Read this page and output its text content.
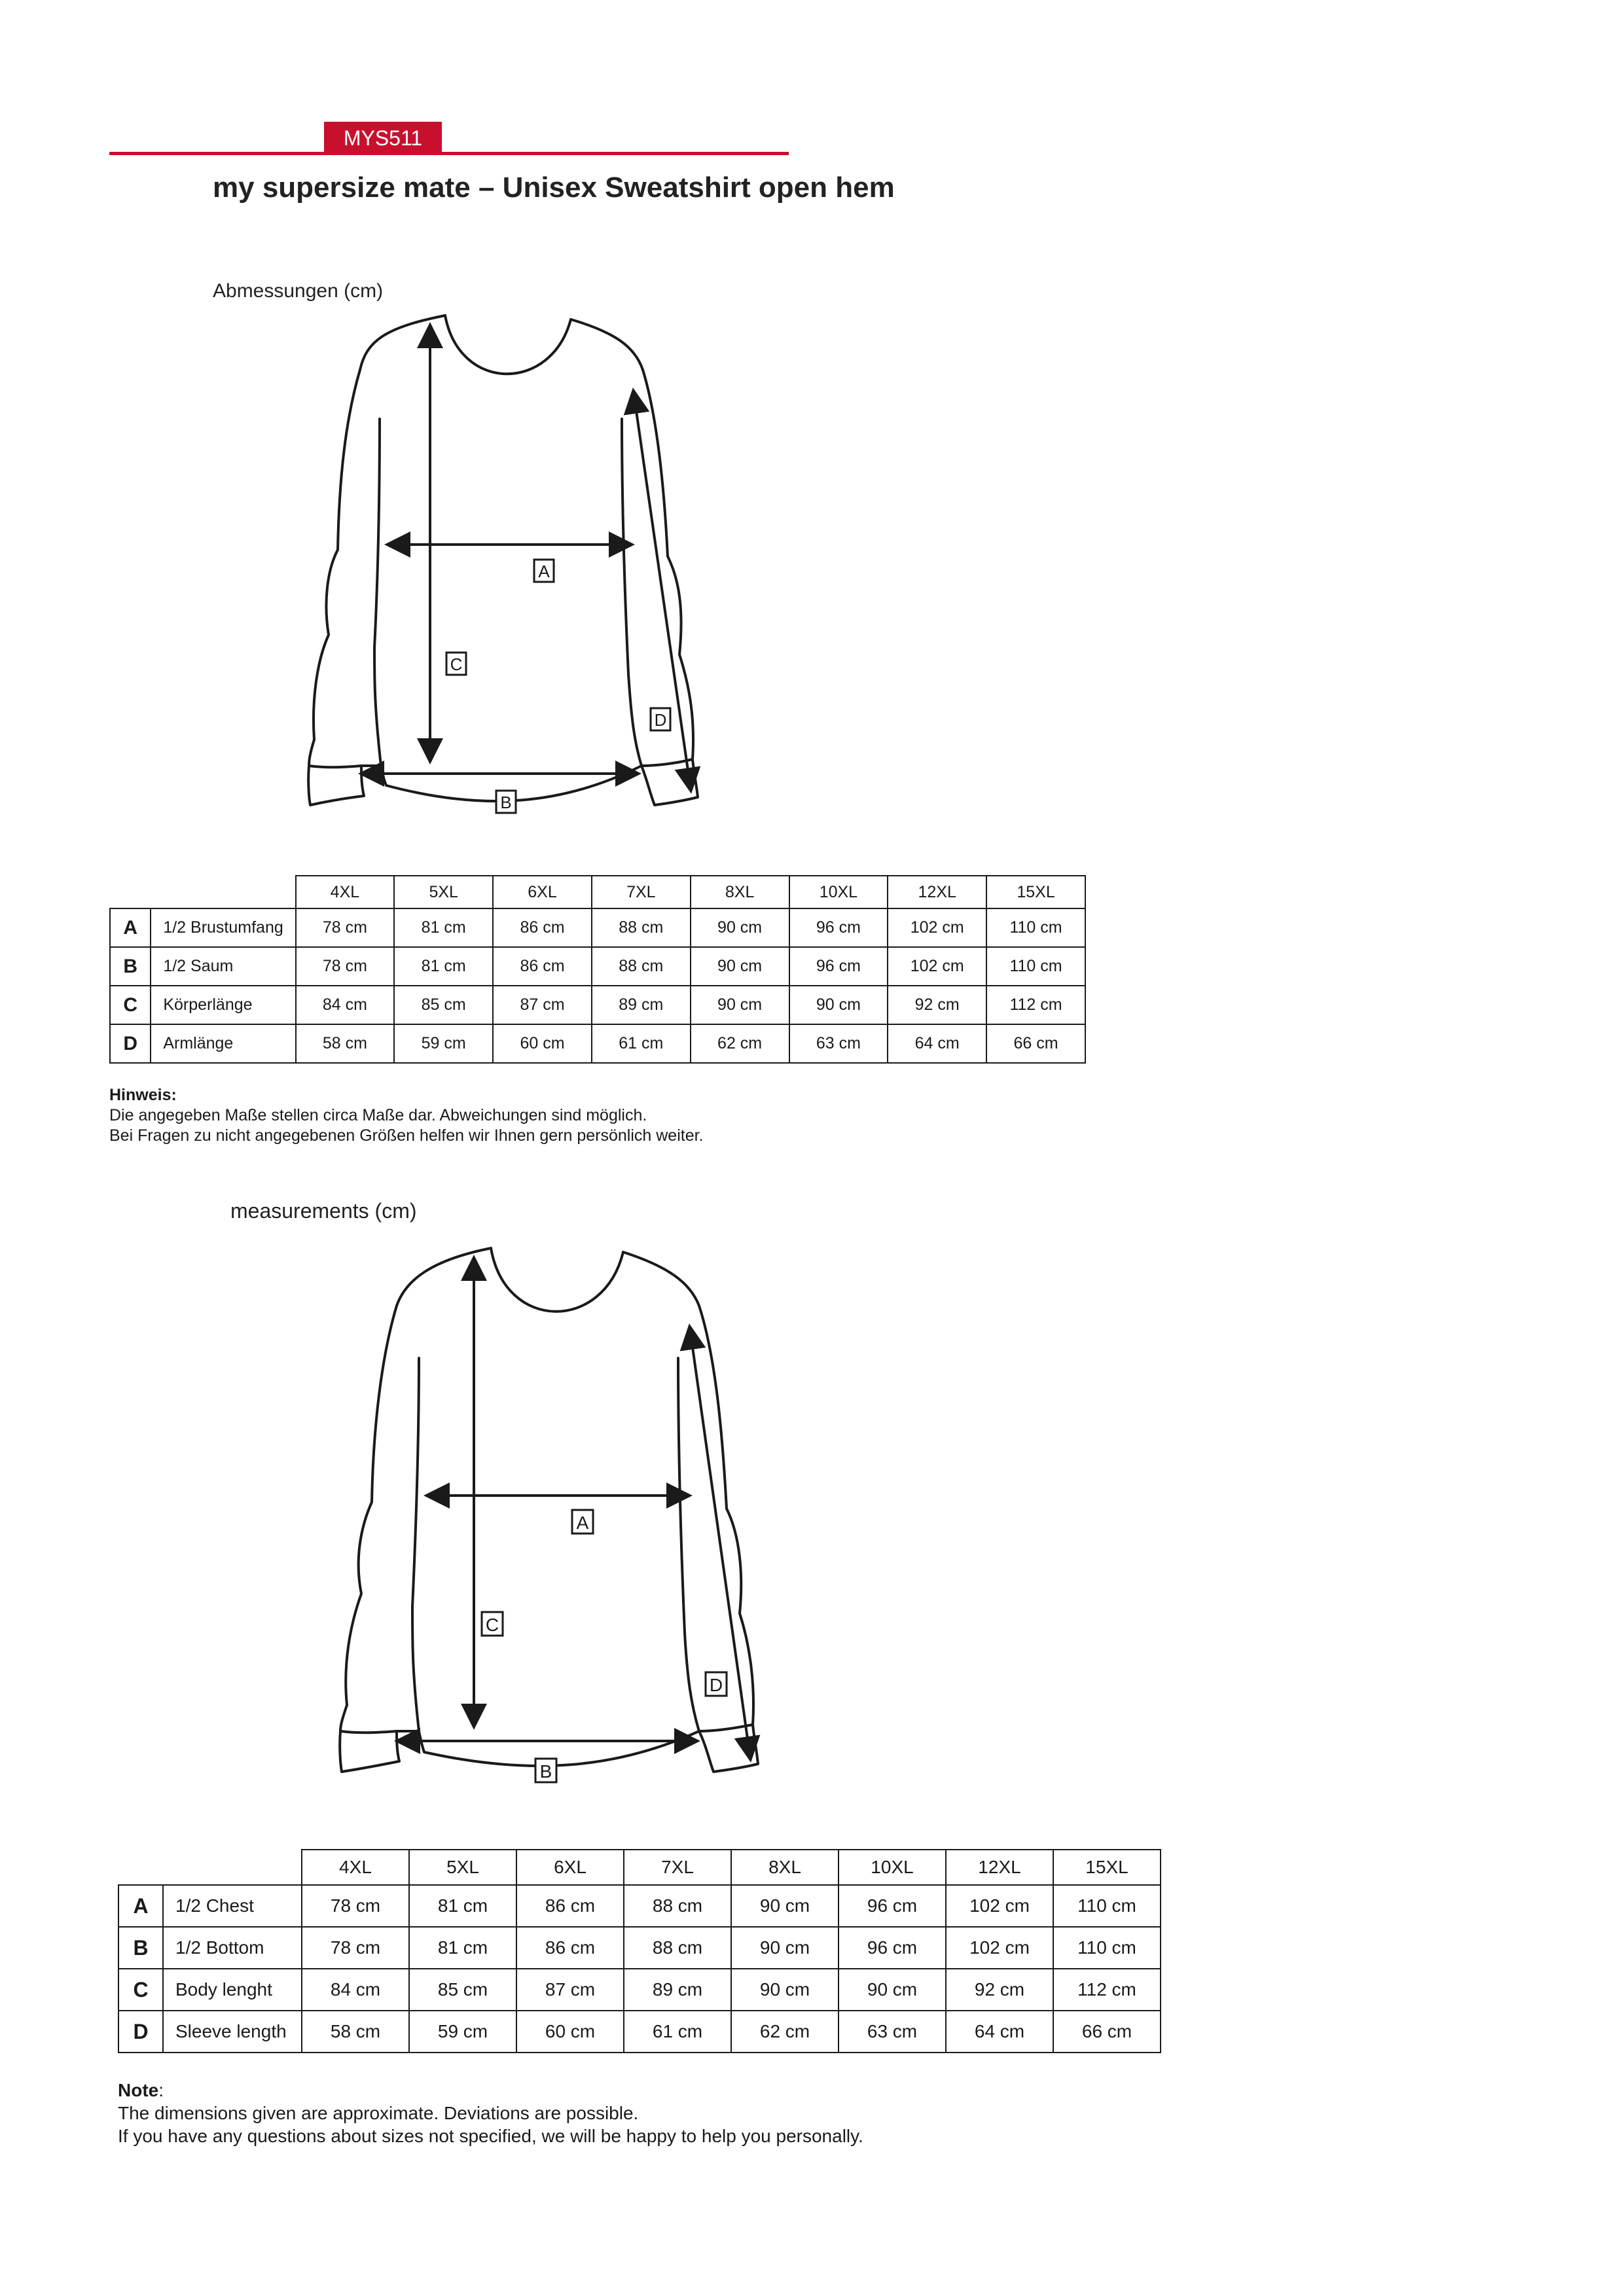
MYS511
my supersize mate – Unisex Sweatshirt open hem
Abmessungen (cm)
A
C
D
B
		4XL	5XL	6XL	7XL	8XL	10XL	12XL	15XL
A	1/2 Brustumfang	78 cm	81 cm	86 cm	88 cm	90 cm	96 cm	102 cm	110 cm
B	1/2 Saum	78 cm	81 cm	86 cm	88 cm	90 cm	96 cm	102 cm	110 cm
C	Körperlänge	84 cm	85 cm	87 cm	89 cm	90 cm	90 cm	92 cm	112 cm
D	Armlänge	58 cm	59 cm	60 cm	61 cm	62 cm	63 cm	64 cm	66 cm
Hinweis:
Die angegeben Maße stellen circa Maße dar. Abweichungen sind möglich.
Bei Fragen zu nicht angegebenen Größen helfen wir Ihnen gern persönlich weiter.
measurements (cm)
A
C
D
B
		4XL	5XL	6XL	7XL	8XL	10XL	12XL	15XL
A	1/2 Chest	78 cm	81 cm	86 cm	88 cm	90 cm	96 cm	102 cm	110 cm
B	1/2 Bottom	78 cm	81 cm	86 cm	88 cm	90 cm	96 cm	102 cm	110 cm
C	Body lenght	84 cm	85 cm	87 cm	89 cm	90 cm	90 cm	92 cm	112 cm
D	Sleeve length	58 cm	59 cm	60 cm	61 cm	62 cm	63 cm	64 cm	66 cm
Note:
The dimensions given are approximate. Deviations are possible.
If you have any questions about sizes not specified, we will be happy to help you personally.
